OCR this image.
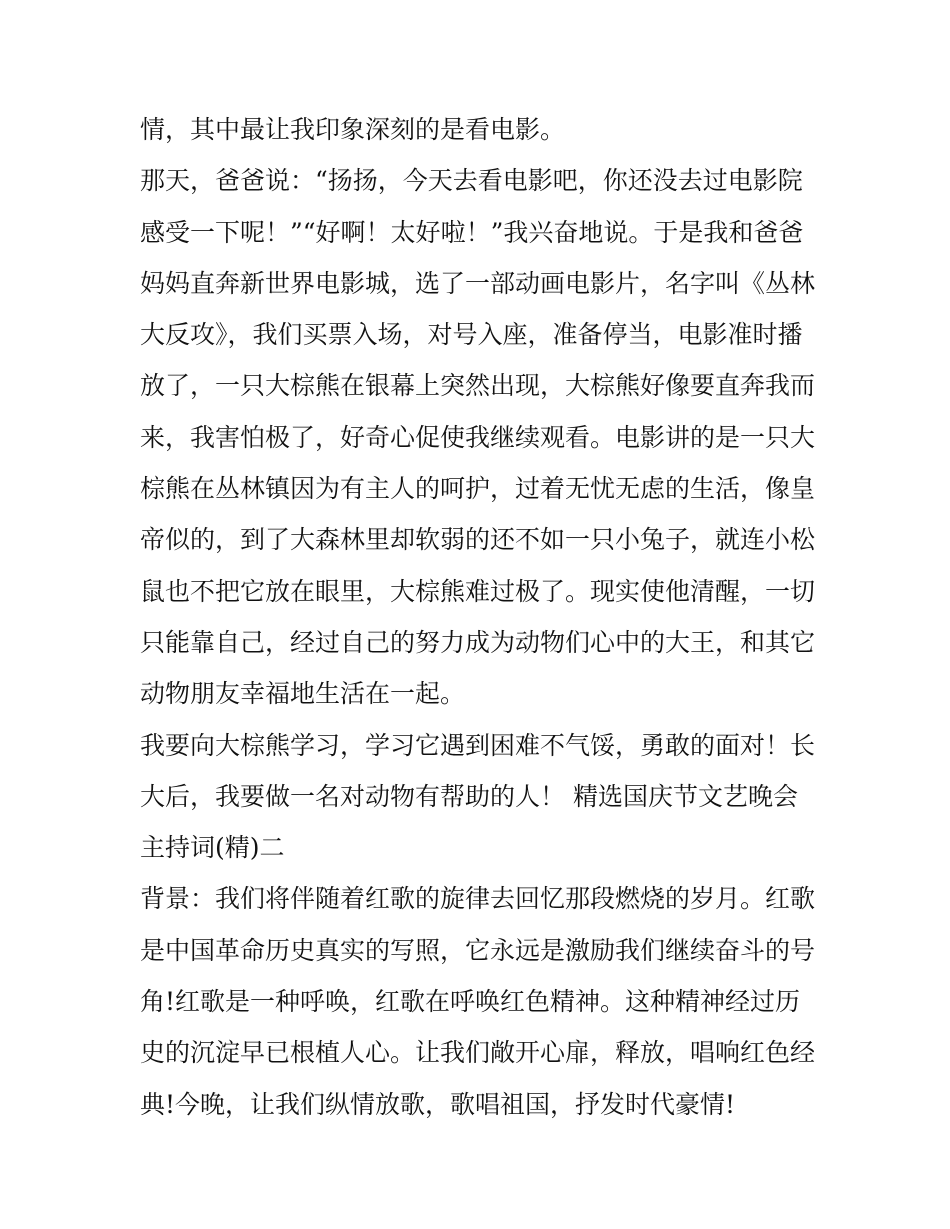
情，其中最让我印象深刻的是看电影。
那天，爸爸说：“扬扬，今天去看电影吧，你还没去过电影院
感受一下呢！”“好啊！太好啦！”我兴奋地说。于是我和爸爸
妈妈直奔新世界电影城，选了一部动画电影片，名字叫《丛林
大反攻》，我们买票入场，对号入座，准备停当，电影准时播
放了，一只大棕熊在银幕上突然出现，大棕熊好像要直奔我而
来，我害怕极了，好奇心促使我继续观看。电影讲的是一只大
棕熊在丛林镇因为有主人的呵护，过着无忧无虑的生活，像皇
帝似的，到了大森林里却软弱的还不如一只小兔子，就连小松
鼠也不把它放在眼里，大棕熊难过极了。现实使他清醒，一切
只能靠自己，经过自己的努力成为动物们心中的大王，和其它
动物朋友幸福地生活在一起。
我要向大棕熊学习，学习它遇到困难不气馁，勇敢的面对！长
大后，我要做一名对动物有帮助的人！ 精选国庆节文艺晚会
主持词(精)二
背景：我们将伴随着红歌的旋律去回忆那段燃烧的岁月。红歌
是中国革命历史真实的写照，它永远是激励我们继续奋斗的号
角!红歌是一种呼唤，红歌在呼唤红色精神。这种精神经过历
史的沉淀早已根植人心。让我们敞开心扉，释放，唱响红色经
典!今晚，让我们纵情放歌，歌唱祖国，抒发时代豪情!
